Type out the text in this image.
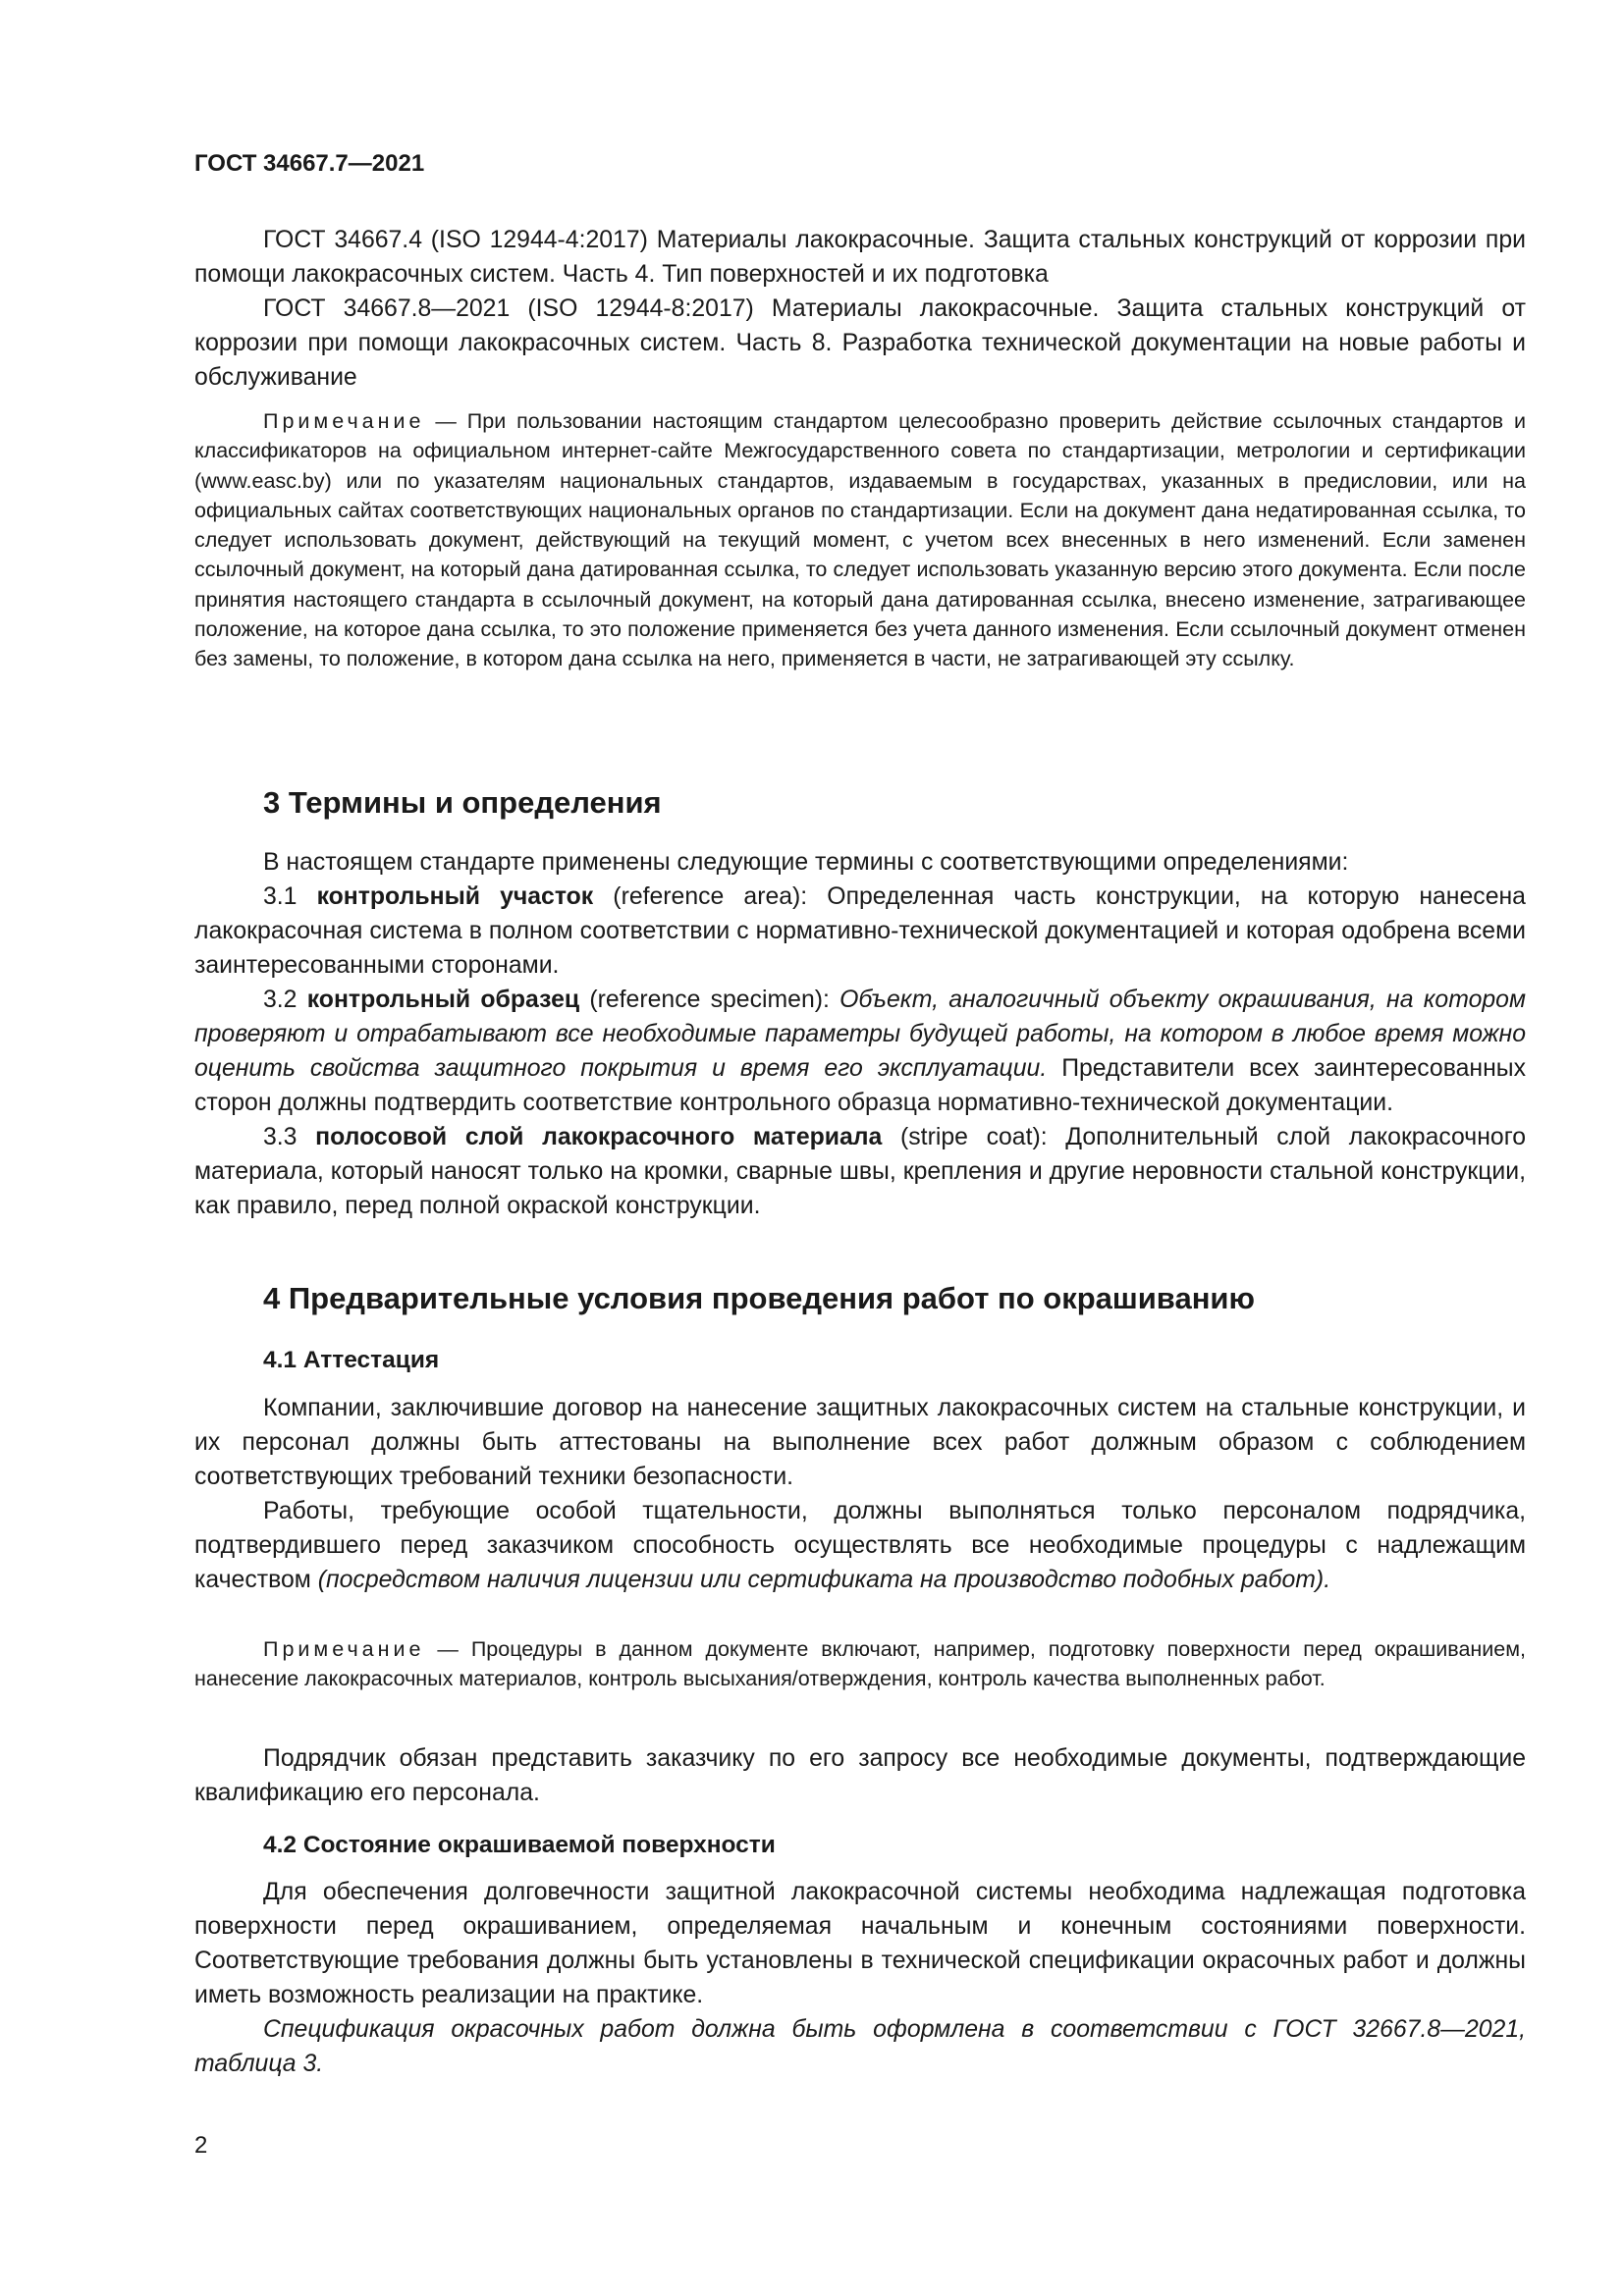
ГОСТ 34667.7—2021

ГОСТ 34667.4 (ISO 12944-4:2017) Материалы лакокрасочные. Защита стальных конструкций от коррозии при помощи лакокрасочных систем. Часть 4. Тип поверхностей и их подготовка

ГОСТ 34667.8—2021 (ISO 12944-8:2017) Материалы лакокрасочные. Защита стальных конструкций от коррозии при помощи лакокрасочных систем. Часть 8. Разработка технической документации на новые работы и обслуживание

Примечание — При пользовании настоящим стандартом целесообразно проверить действие ссылочных стандартов и классификаторов на официальном интернет-сайте Межгосударственного совета по стандартизации, метрологии и сертификации (www.easc.by) или по указателям национальных стандартов, издаваемым в государствах, указанных в предисловии, или на официальных сайтах соответствующих национальных органов по стандартизации. Если на документ дана недатированная ссылка, то следует использовать документ, действующий на текущий момент, с учетом всех внесенных в него изменений. Если заменен ссылочный документ, на который дана датированная ссылка, то следует использовать указанную версию этого документа. Если после принятия настоящего стандарта в ссылочный документ, на который дана датированная ссылка, внесено изменение, затрагивающее положение, на которое дана ссылка, то это положение применяется без учета данного изменения. Если ссылочный документ отменен без замены, то положение, в котором дана ссылка на него, применяется в части, не затрагивающей эту ссылку.

3 Термины и определения

В настоящем стандарте применены следующие термины с соответствующими определениями:

3.1 контрольный участок (reference area): Определенная часть конструкции, на которую нанесена лакокрасочная система в полном соответствии с нормативно-технической документацией и которая одобрена всеми заинтересованными сторонами.

3.2 контрольный образец (reference specimen): Объект, аналогичный объекту окрашивания, на котором проверяют и отрабатывают все необходимые параметры будущей работы, на котором в любое время можно оценить свойства защитного покрытия и время его эксплуатации. Представители всех заинтересованных сторон должны подтвердить соответствие контрольного образца нормативно-технической документации.

3.3 полосовой слой лакокрасочного материала (stripe coat): Дополнительный слой лакокрасочного материала, который наносят только на кромки, сварные швы, крепления и другие неровности стальной конструкции, как правило, перед полной окраской конструкции.

4 Предварительные условия проведения работ по окрашиванию
4.1 Аттестация

Компании, заключившие договор на нанесение защитных лакокрасочных систем на стальные конструкции, и их персонал должны быть аттестованы на выполнение всех работ должным образом с соблюдением соответствующих требований техники безопасности.

Работы, требующие особой тщательности, должны выполняться только персоналом подрядчика, подтвердившего перед заказчиком способность осуществлять все необходимые процедуры с надлежащим качеством (посредством наличия лицензии или сертификата на производство подобных работ).

Примечание — Процедуры в данном документе включают, например, подготовку поверхности перед окрашиванием, нанесение лакокрасочных материалов, контроль высыхания/отверждения, контроль качества выполненных работ.

Подрядчик обязан представить заказчику по его запросу все необходимые документы, подтверждающие квалификацию его персонала.

4.2 Состояние окрашиваемой поверхности

Для обеспечения долговечности защитной лакокрасочной системы необходима надлежащая подготовка поверхности перед окрашиванием, определяемая начальным и конечным состояниями поверхности. Соответствующие требования должны быть установлены в технической спецификации окрасочных работ и должны иметь возможность реализации на практике.

Спецификация окрасочных работ должна быть оформлена в соответствии с ГОСТ 32667.8—2021, таблица 3.

2
